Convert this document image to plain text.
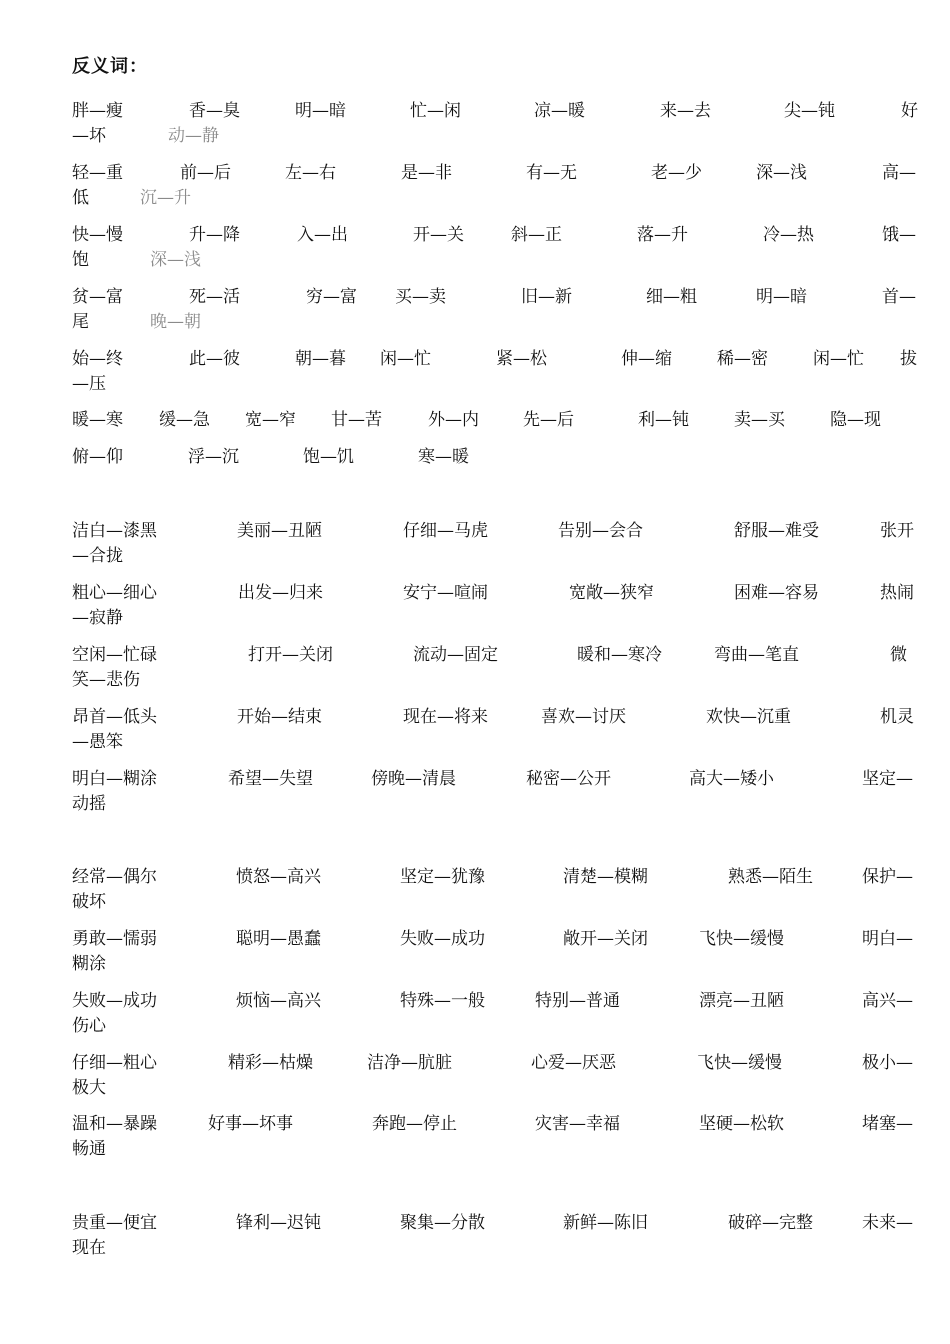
反义词：
胖—瘦	香—臭	明—暗	忙—闲	凉—暖	来—去	尖—钝	好
—坏	动—静
轻—重	前—后	左—右	是—非	有—无	老—少	深—浅	高—
低	沉—升
快—慢	升—降	入—出	开—关	斜—正	落—升	冷—热	饿—
饱	深—浅
贫—富	死—活	穷—富 买—卖	旧—新	细—粗	明—暗	首—
尾	晚—朝
始—终	此—彼	朝—暮 闲—忙	紧—松	伸—缩	稀—密	闲—忙 拔
—压
暖—寒 缓—急 宽—窄 甘—苦	外—内	先—后	利—钝	卖—买	隐—现
俯—仰	浮—沉	饱—饥	寒—暖
洁白—漆黑	美丽—丑陋	仔细—马虎	告别—会合	舒服—难受	张开
—合拢
粗心—细心	出发—归来	安宁—喧闹	宽敞—狭窄	困难—容易	热闹
—寂静
空闲—忙碌	打开—关闭	流动—固定	暖和—寒冷	弯曲—笔直	微
笑—悲伤
昂首—低头	开始—结束	现在—将来	喜欢—讨厌	欢快—沉重	机灵
—愚笨
明白—糊涂	希望—失望	傍晚—清晨	秘密—公开	高大—矮小	坚定—
动摇
经常—偶尔	愤怒—高兴	坚定—犹豫	清楚—模糊	熟悉—陌生	保护—
破坏
勇敢—懦弱	聪明—愚蠢	失败—成功	敞开—关闭	飞快—缓慢	明白—
糊涂
失败—成功	烦恼—高兴	特殊—一般	特别—普通	漂亮—丑陋	高兴—
伤心
仔细—粗心	精彩—枯燥	洁净—肮脏	心爱—厌恶	飞快—缓慢	极小—
极大
温和—暴躁	好事—坏事	奔跑—停止	灾害—幸福	坚硬—松软	堵塞—
畅通
贵重—便宜	锋利—迟钝	聚集—分散	新鲜—陈旧	破碎—完整	未来—
现在
